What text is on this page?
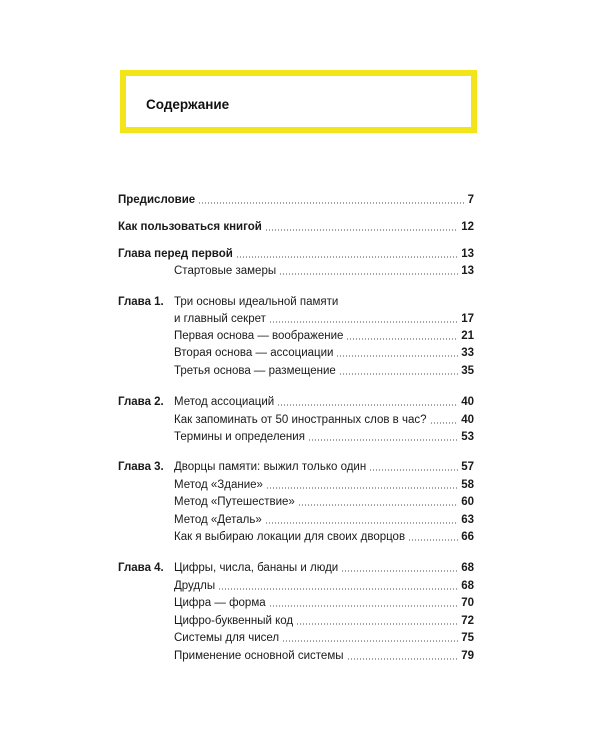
Содержание
Предисловие	7
Как пользоваться книгой	12
Глава перед первой	13
Стартовые замеры	13
Глава 1. Три основы идеальной памяти
и главный секрет	17
Первая основа — воображение	21
Вторая основа — ассоциации	33
Третья основа — размещение	35
Глава 2. Метод ассоциаций	40
Как запоминать от 50 иностранных слов в час?	40
Термины и определения	53
Глава 3. Дворцы памяти: выжил только один	57
Метод «Здание»	58
Метод «Путешествие»	60
Метод «Деталь»	63
Как я выбираю локации для своих дворцов	66
Глава 4. Цифры, числа, бананы и люди	68
Друдлы	68
Цифра — форма	70
Цифро-буквенный код	72
Системы для чисел	75
Применение основной системы	79
